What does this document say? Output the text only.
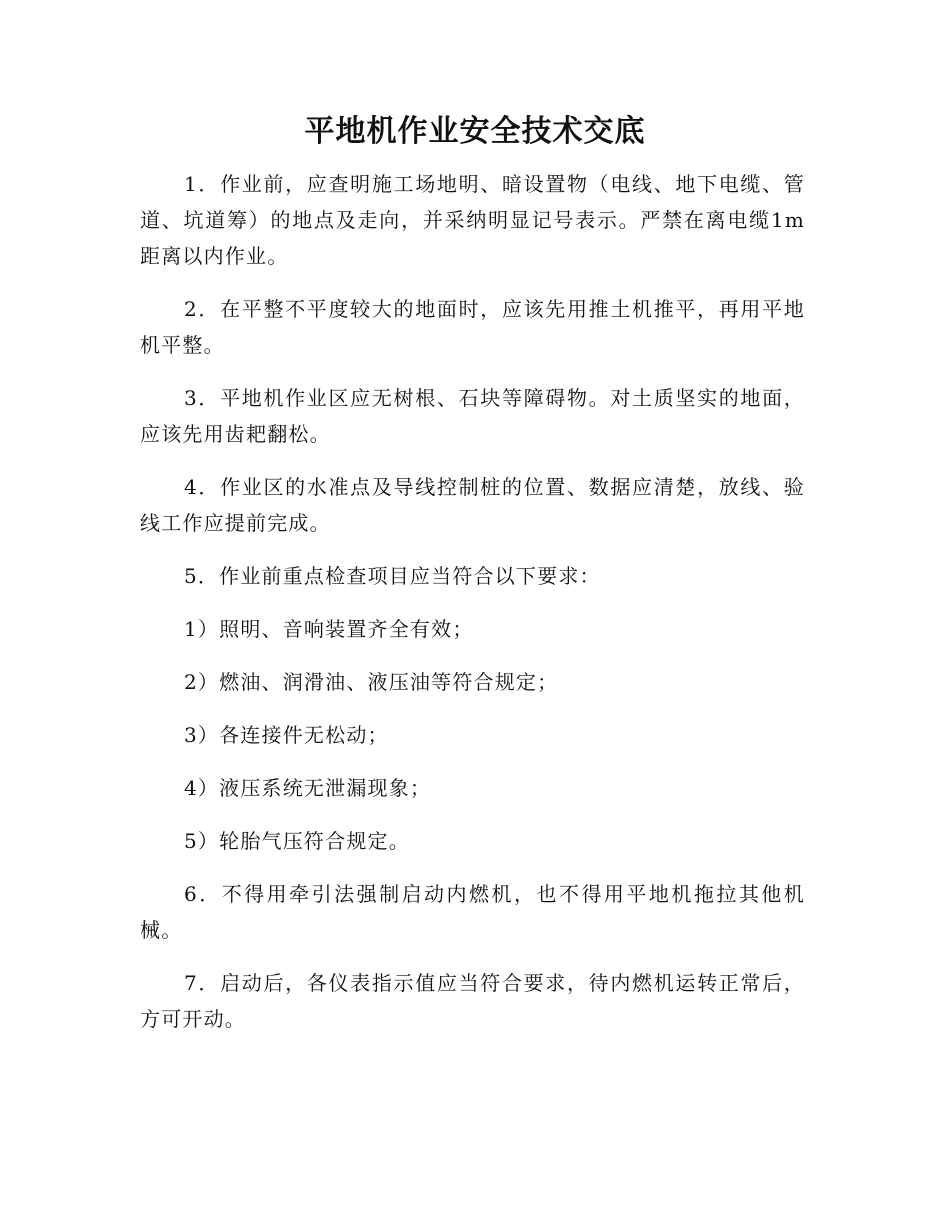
平地机作业安全技术交底

1．作业前，应查明施工场地明、暗设置物（电线、地下电缆、管道、坑道筹）的地点及走向，并采纳明显记号表示。严禁在离电缆1m距离以内作业。

2．在平整不平度较大的地面时，应该先用推土机推平，再用平地机平整。

3．平地机作业区应无树根、石块等障碍物。对土质坚实的地面，应该先用齿耙翻松。

4．作业区的水准点及导线控制桩的位置、数据应清楚，放线、验线工作应提前完成。

5．作业前重点检查项目应当符合以下要求：

1）照明、音响装置齐全有效；

2）燃油、润滑油、液压油等符合规定；

3）各连接件无松动；

4）液压系统无泄漏现象；

5）轮胎气压符合规定。

6．不得用牵引法强制启动内燃机，也不得用平地机拖拉其他机械。

7．启动后，各仪表指示值应当符合要求，待内燃机运转正常后，方可开动。
